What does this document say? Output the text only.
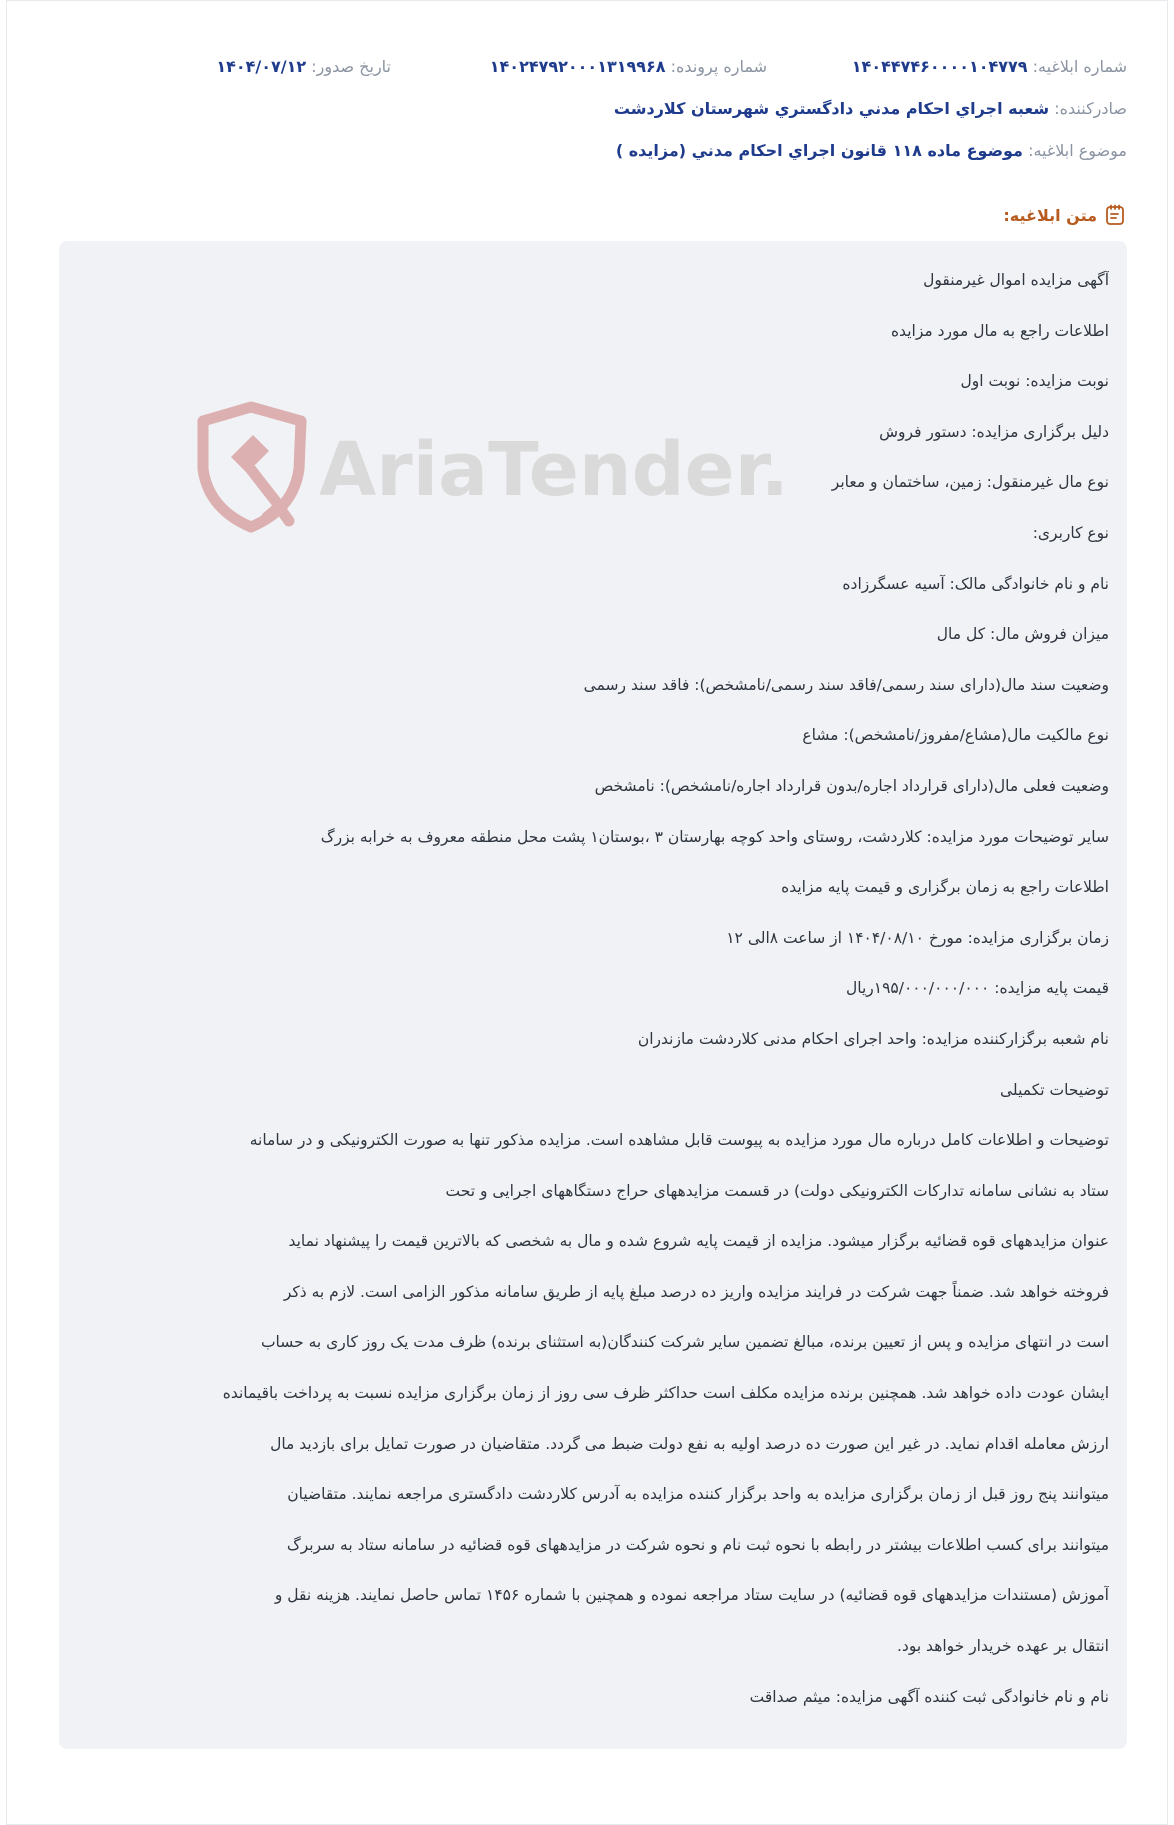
شماره ابلاغیه: ۱۴۰۴۴۷۴۶۰۰۰۰۱۰۴۷۷۹
شماره پرونده: ۱۴۰۲۴۷۹۲۰۰۰۱۳۱۹۹۶۸
تاریخ صدور: ۱۴۰۴/۰۷/۱۲
صادرکننده: شعبه اجراي احكام مدني دادگستري شهرستان كلاردشت
موضوع ابلاغیه: موضوع ماده ۱۱۸ قانون اجراي احكام مدني (مزايده )
متن ابلاغیه:
AriaTender.
آگهی مزایده اموال غیرمنقول
اطلاعات راجع به مال مورد مزایده
نوبت مزایده: نوبت اول
دلیل برگزاری مزایده: دستور فروش
نوع مال غیرمنقول: زمین، ساختمان و معابر
نوع کاربری:
نام و نام خانوادگی مالک: آسیه عسگرزاده
میزان فروش مال: کل مال
وضعیت سند مال(دارای سند رسمی/فاقد سند رسمی/نامشخص): فاقد سند رسمی
نوع مالکیت مال(مشاع/مفروز/نامشخص): مشاع
وضعیت فعلی مال(دارای قرارداد اجاره/بدون قرارداد اجاره/نامشخص): نامشخص
سایر توضیحات مورد مزایده: کلاردشت، روستای واحد کوچه بهارستان ۳ ،بوستان۱ پشت محل منطقه معروف به خرابه بزرگ
اطلاعات راجع به زمان برگزاری و قیمت پایه مزایده
زمان برگزاری مزایده: مورخ ۱۴۰۴/۰۸/۱۰ از ساعت ۸الی ۱۲
قیمت پایه مزایده: ۱۹۵/۰۰۰/۰۰۰/۰۰۰ریال
نام شعبه برگزارکننده مزایده: واحد اجرای احکام مدنی کلاردشت مازندران
توضیحات تکمیلی
توضیحات و اطلاعات کامل درباره مال مورد مزایده به پیوست قابل مشاهده است. مزایده مذکور تنها به صورت الکترونیکی و در سامانه
ستاد به نشانی سامانه تدارکات الکترونیکی دولت) در قسمت مزایدههای حراج دستگاههای اجرایی و تحت
عنوان مزایدههای قوه قضائیه برگزار میشود. مزایده از قیمت پایه شروع شده و مال به شخصی که بالاترین قیمت را پیشنهاد نماید
فروخته خواهد شد. ضمناً جهت شرکت در فرایند مزایده واریز ده درصد مبلغ پایه از طریق سامانه مذکور الزامی است. لازم به ذکر
است در انتهای مزایده و پس از تعیین برنده، مبالغ تضمین سایر شرکت کنندگان(به استثنای برنده) ظرف مدت یک روز کاری به حساب
ایشان عودت داده خواهد شد. همچنین برنده مزایده مکلف است حداکثر ظرف سی روز از زمان برگزاری مزایده نسبت به پرداخت باقیمانده
ارزش معامله اقدام نماید. در غیر این صورت ده درصد اولیه به نفع دولت ضبط می گردد. متقاضیان در صورت تمایل برای بازدید مال
میتوانند پنج روز قبل از زمان برگزاری مزایده به واحد برگزار کننده مزایده به آدرس کلاردشت دادگستری مراجعه نمایند. متقاضیان
میتوانند برای کسب اطلاعات بیشتر در رابطه با نحوه ثبت نام و نحوه شرکت در مزایدههای قوه قضائیه در سامانه ستاد به سربرگ
آموزش (مستندات مزایدههای قوه قضائیه) در سایت ستاد مراجعه نموده و همچنین با شماره ۱۴۵۶ تماس حاصل نمایند. هزینه نقل و
انتقال بر عهده خریدار خواهد بود.
نام و نام خانوادگی ثبت کننده آگهی مزایده: میثم صداقت
